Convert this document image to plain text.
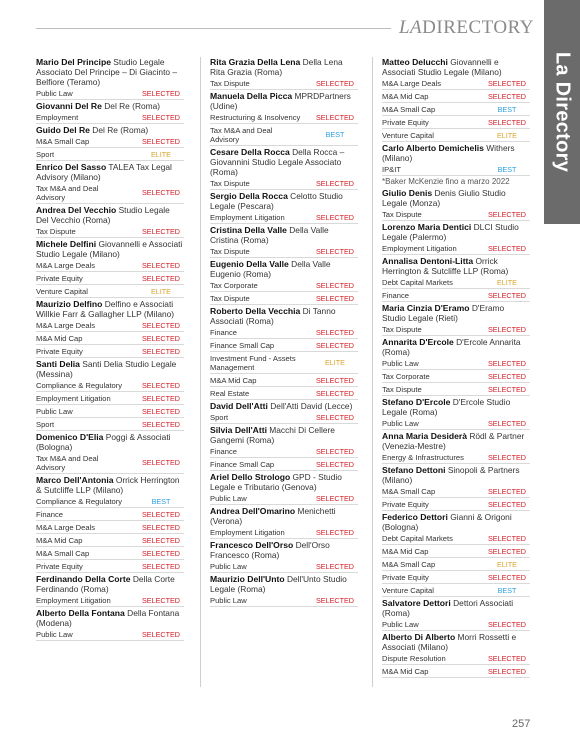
LADIRECTORY
La Directory
Mario Del Principe Studio Legale Associato Del Principe – Di Giacinto – Belfiore (Teramo)
Public Law	SELECTED
Giovanni Del Re Del Re (Roma)
Employment	SELECTED
Guido Del Re Del Re (Roma)
M&A Small Cap	SELECTED
Sport	ELITE
Enrico Del Sasso TALEA Tax Legal Advisory (Milano)
Tax M&A and Deal Advisory	SELECTED
Andrea Del Vecchio Studio Legale Del Vecchio (Roma)
Tax Dispute	SELECTED
Michele Delfini Giovannelli e Associati Studio Legale (Milano)
M&A Large Deals	SELECTED
Private Equity	SELECTED
Venture Capital	ELITE
Maurizio Delfino Delfino e Associati Willkie Farr & Gallagher LLP (Milano)
M&A Large Deals	SELECTED
M&A Mid Cap	SELECTED
Private Equity	SELECTED
Santi Delia Santi Delia Studio Legale (Messina)
Compliance & Regulatory	SELECTED
Employment Litigation	SELECTED
Public Law	SELECTED
Sport	SELECTED
Domenico D'Elia Poggi & Associati (Bologna)
Tax M&A and Deal Advisory	SELECTED
Marco Dell'Antonia Orrick Herrington & Sutcliffe LLP (Milano)
Compliance & Regulatory	BEST
Finance	SELECTED
M&A Large Deals	SELECTED
M&A Mid Cap	SELECTED
M&A Small Cap	SELECTED
Private Equity	SELECTED
Ferdinando Della Corte Della Corte Ferdinando (Roma)
Employment Litigation	SELECTED
Alberto Della Fontana Della Fontana (Modena)
Public Law	SELECTED
Rita Grazia Della Lena Della Lena Rita Grazia (Roma)
Tax Dispute	SELECTED
Manuela Della Picca MPRDPartners (Udine)
Restructuring & Insolvency	SELECTED
Tax M&A and Deal Advisory	BEST
Cesare Della Rocca Della Rocca – Giovannini Studio Legale Associato (Roma)
Tax Dispute	SELECTED
Sergio Della Rocca Celotto Studio Legale (Pescara)
Employment Litigation	SELECTED
Cristina Della Valle Della Valle Cristina (Roma)
Tax Dispute	SELECTED
Eugenio Della Valle Della Valle Eugenio (Roma)
Tax Corporate	SELECTED
Tax Dispute	SELECTED
Roberto Della Vecchia Di Tanno Associati (Roma)
Finance	SELECTED
Finance Small Cap	SELECTED
Investment Fund - Assets Management	ELITE
M&A Mid Cap	SELECTED
Real Estate	SELECTED
David Dell'Atti Dell'Atti David (Lecce)
Sport	SELECTED
Silvia Dell'Atti Macchi Di Cellere Gangemi (Roma)
Finance	SELECTED
Finance Small Cap	SELECTED
Ariel Dello Strologo GPD - Studio Legale e Tributario (Genova)
Public Law	SELECTED
Andrea Dell'Omarino Menichetti (Verona)
Employment Litigation	SELECTED
Francesco Dell'Orso Dell'Orso Francesco (Roma)
Public Law	SELECTED
Maurizio Dell'Unto Dell'Unto Studio Legale (Roma)
Public Law	SELECTED
Matteo Delucchi Giovannelli e Associati Studio Legale (Milano)
M&A Large Deals	SELECTED
M&A Mid Cap	SELECTED
M&A Small Cap	BEST
Private Equity	SELECTED
Venture Capital	ELITE
Carlo Alberto Demichelis Withers (Milano)
IP&IT	BEST
*Baker McKenzie fino a marzo 2022
Giulio Denis Denis Giulio Studio Legale (Monza)
Tax Dispute	SELECTED
Lorenzo Maria Dentici DLCI Studio Legale (Palermo)
Employment Litigation	SELECTED
Annalisa Dentoni-Litta Orrick Herrington & Sutcliffe LLP (Roma)
Debt Capital Markets	ELITE
Finance	SELECTED
Maria Cinzia D'Eramo D'Eramo Studio Legale (Rieti)
Tax Dispute	SELECTED
Annarita D'Ercole D'Ercole Annarita (Roma)
Public Law	SELECTED
Tax Corporate	SELECTED
Tax Dispute	SELECTED
Stefano D'Ercole D'Ercole Studio Legale (Roma)
Public Law	SELECTED
Anna Maria Desiderà Rödl & Partner (Venezia-Mestre)
Energy & Infrastructures	SELECTED
Stefano Dettoni Sinopoli & Partners (Milano)
M&A Small Cap	SELECTED
Private Equity	SELECTED
Federico Dettori Gianni & Origoni (Bologna)
Debt Capital Markets	SELECTED
M&A Mid Cap	SELECTED
M&A Small Cap	ELITE
Private Equity	SELECTED
Venture Capital	BEST
Salvatore Dettori Dettori Associati (Roma)
Public Law	SELECTED
Alberto Di Alberto Morri Rossetti e Associati (Milano)
Dispute Resolution	SELECTED
M&A Mid Cap	SELECTED
257
